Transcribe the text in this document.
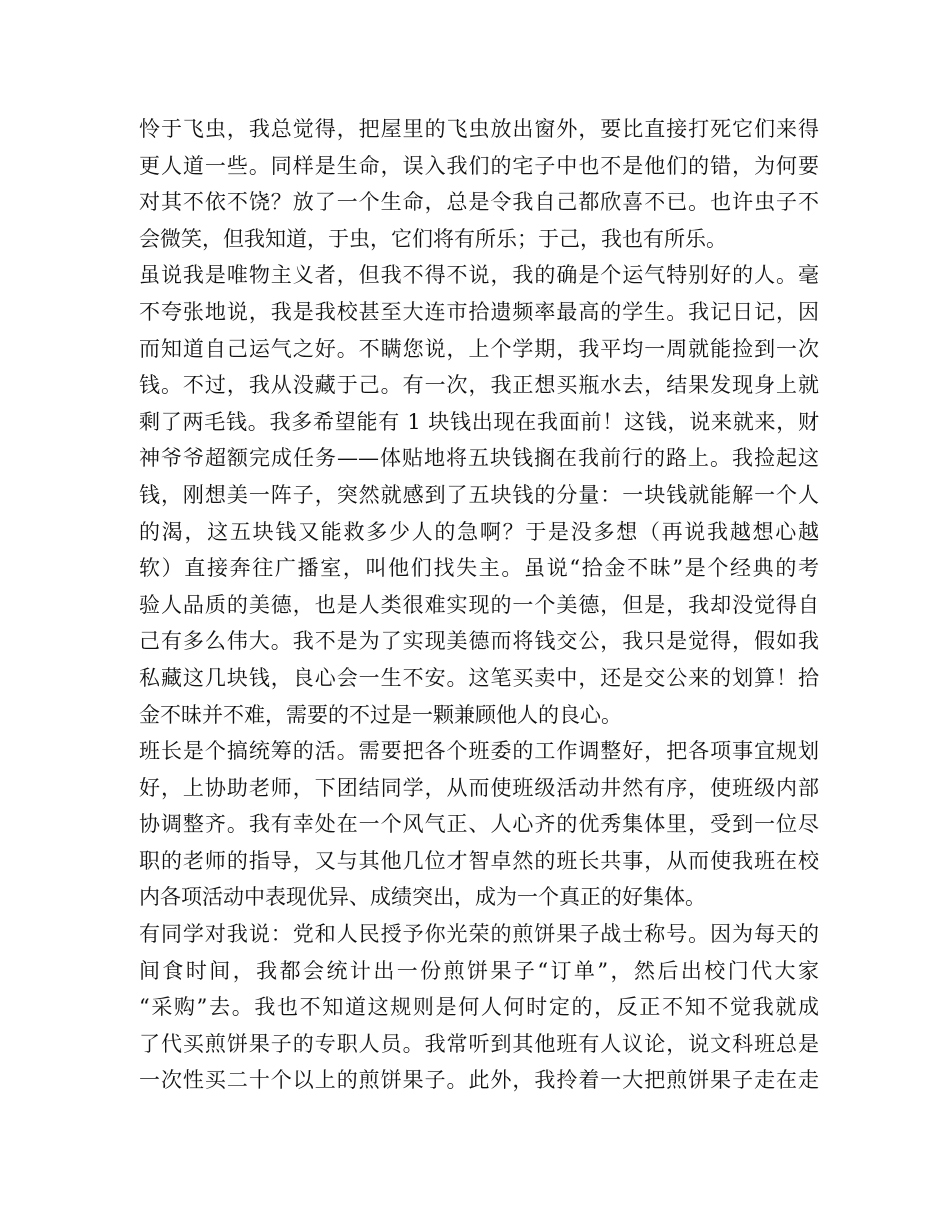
怜于飞虫，我总觉得，把屋里的飞虫放出窗外，要比直接打死它们来得
更人道一些。同样是生命，误入我们的宅子中也不是他们的错，为何要
对其不依不饶？放了一个生命，总是令我自己都欣喜不已。也许虫子不
会微笑，但我知道，于虫，它们将有所乐；于己，我也有所乐。
虽说我是唯物主义者，但我不得不说，我的确是个运气特别好的人。毫
不夸张地说，我是我校甚至大连市拾遗频率最高的学生。我记日记，因
而知道自己运气之好。不瞒您说，上个学期，我平均一周就能捡到一次
钱。不过，我从没藏于己。有一次，我正想买瓶水去，结果发现身上就
剩了两毛钱。我多希望能有 1 块钱出现在我面前！这钱，说来就来，财
神爷爷超额完成任务——体贴地将五块钱搁在我前行的路上。我捡起这
钱，刚想美一阵子，突然就感到了五块钱的分量：一块钱就能解一个人
的渴，这五块钱又能救多少人的急啊？于是没多想（再说我越想心越
软）直接奔往广播室，叫他们找失主。虽说“拾金不昧”是个经典的考
验人品质的美德，也是人类很难实现的一个美德，但是，我却没觉得自
己有多么伟大。我不是为了实现美德而将钱交公，我只是觉得，假如我
私藏这几块钱，良心会一生不安。这笔买卖中，还是交公来的划算！拾
金不昧并不难，需要的不过是一颗兼顾他人的良心。
班长是个搞统筹的活。需要把各个班委的工作调整好，把各项事宜规划
好，上协助老师，下团结同学，从而使班级活动井然有序，使班级内部
协调整齐。我有幸处在一个风气正、人心齐的优秀集体里，受到一位尽
职的老师的指导，又与其他几位才智卓然的班长共事，从而使我班在校
内各项活动中表现优异、成绩突出，成为一个真正的好集体。
有同学对我说：党和人民授予你光荣的煎饼果子战士称号。因为每天的
间食时间，我都会统计出一份煎饼果子“订单”，然后出校门代大家
“采购”去。我也不知道这规则是何人何时定的，反正不知不觉我就成
了代买煎饼果子的专职人员。我常听到其他班有人议论，说文科班总是
一次性买二十个以上的煎饼果子。此外，我拎着一大把煎饼果子走在走
